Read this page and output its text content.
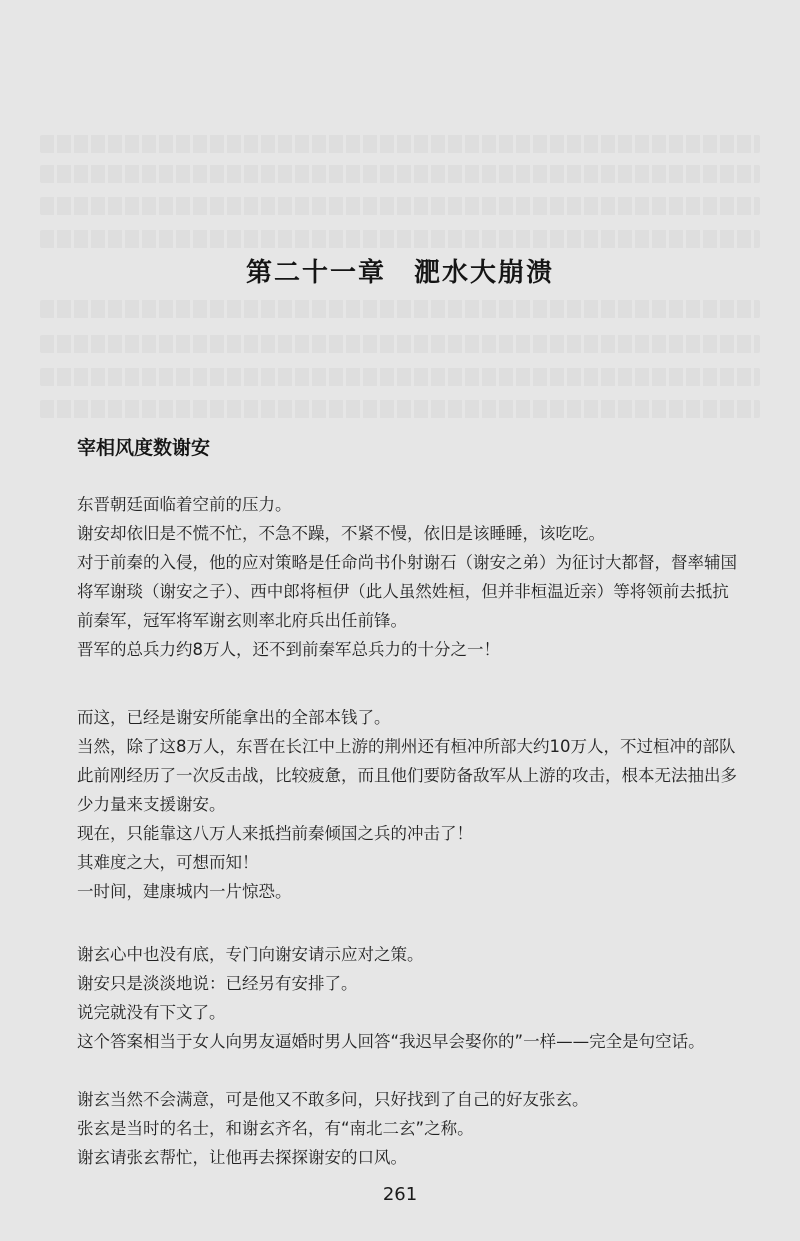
第二十一章　淝水大崩溃
宰相风度数谢安

东晋朝廷面临着空前的压力。

谢安却依旧是不慌不忙，不急不躁，不紧不慢，依旧是该睡睡，该吃吃。

对于前秦的入侵，他的应对策略是任命尚书仆射谢石（谢安之弟）为征讨大都督，督率辅国将军谢琰（谢安之子）、西中郎将桓伊（此人虽然姓桓，但并非桓温近亲）等将领前去抵抗前秦军，冠军将军谢玄则率北府兵出任前锋。

晋军的总兵力约8万人，还不到前秦军总兵力的十分之一！

而这，已经是谢安所能拿出的全部本钱了。

当然，除了这8万人，东晋在长江中上游的荆州还有桓冲所部大约10万人，不过桓冲的部队此前刚经历了一次反击战，比较疲惫，而且他们要防备敌军从上游的攻击，根本无法抽出多少力量来支援谢安。

现在，只能靠这八万人来抵挡前秦倾国之兵的冲击了！

其难度之大，可想而知！

一时间，建康城内一片惊恐。

谢玄心中也没有底，专门向谢安请示应对之策。

谢安只是淡淡地说：已经另有安排了。

说完就没有下文了。

这个答案相当于女人向男友逼婚时男人回答“我迟早会娶你的”一样——完全是句空话。

谢玄当然不会满意，可是他又不敢多问，只好找到了自己的好友张玄。

张玄是当时的名士，和谢玄齐名，有“南北二玄”之称。

谢玄请张玄帮忙，让他再去探探谢安的口风。

261
